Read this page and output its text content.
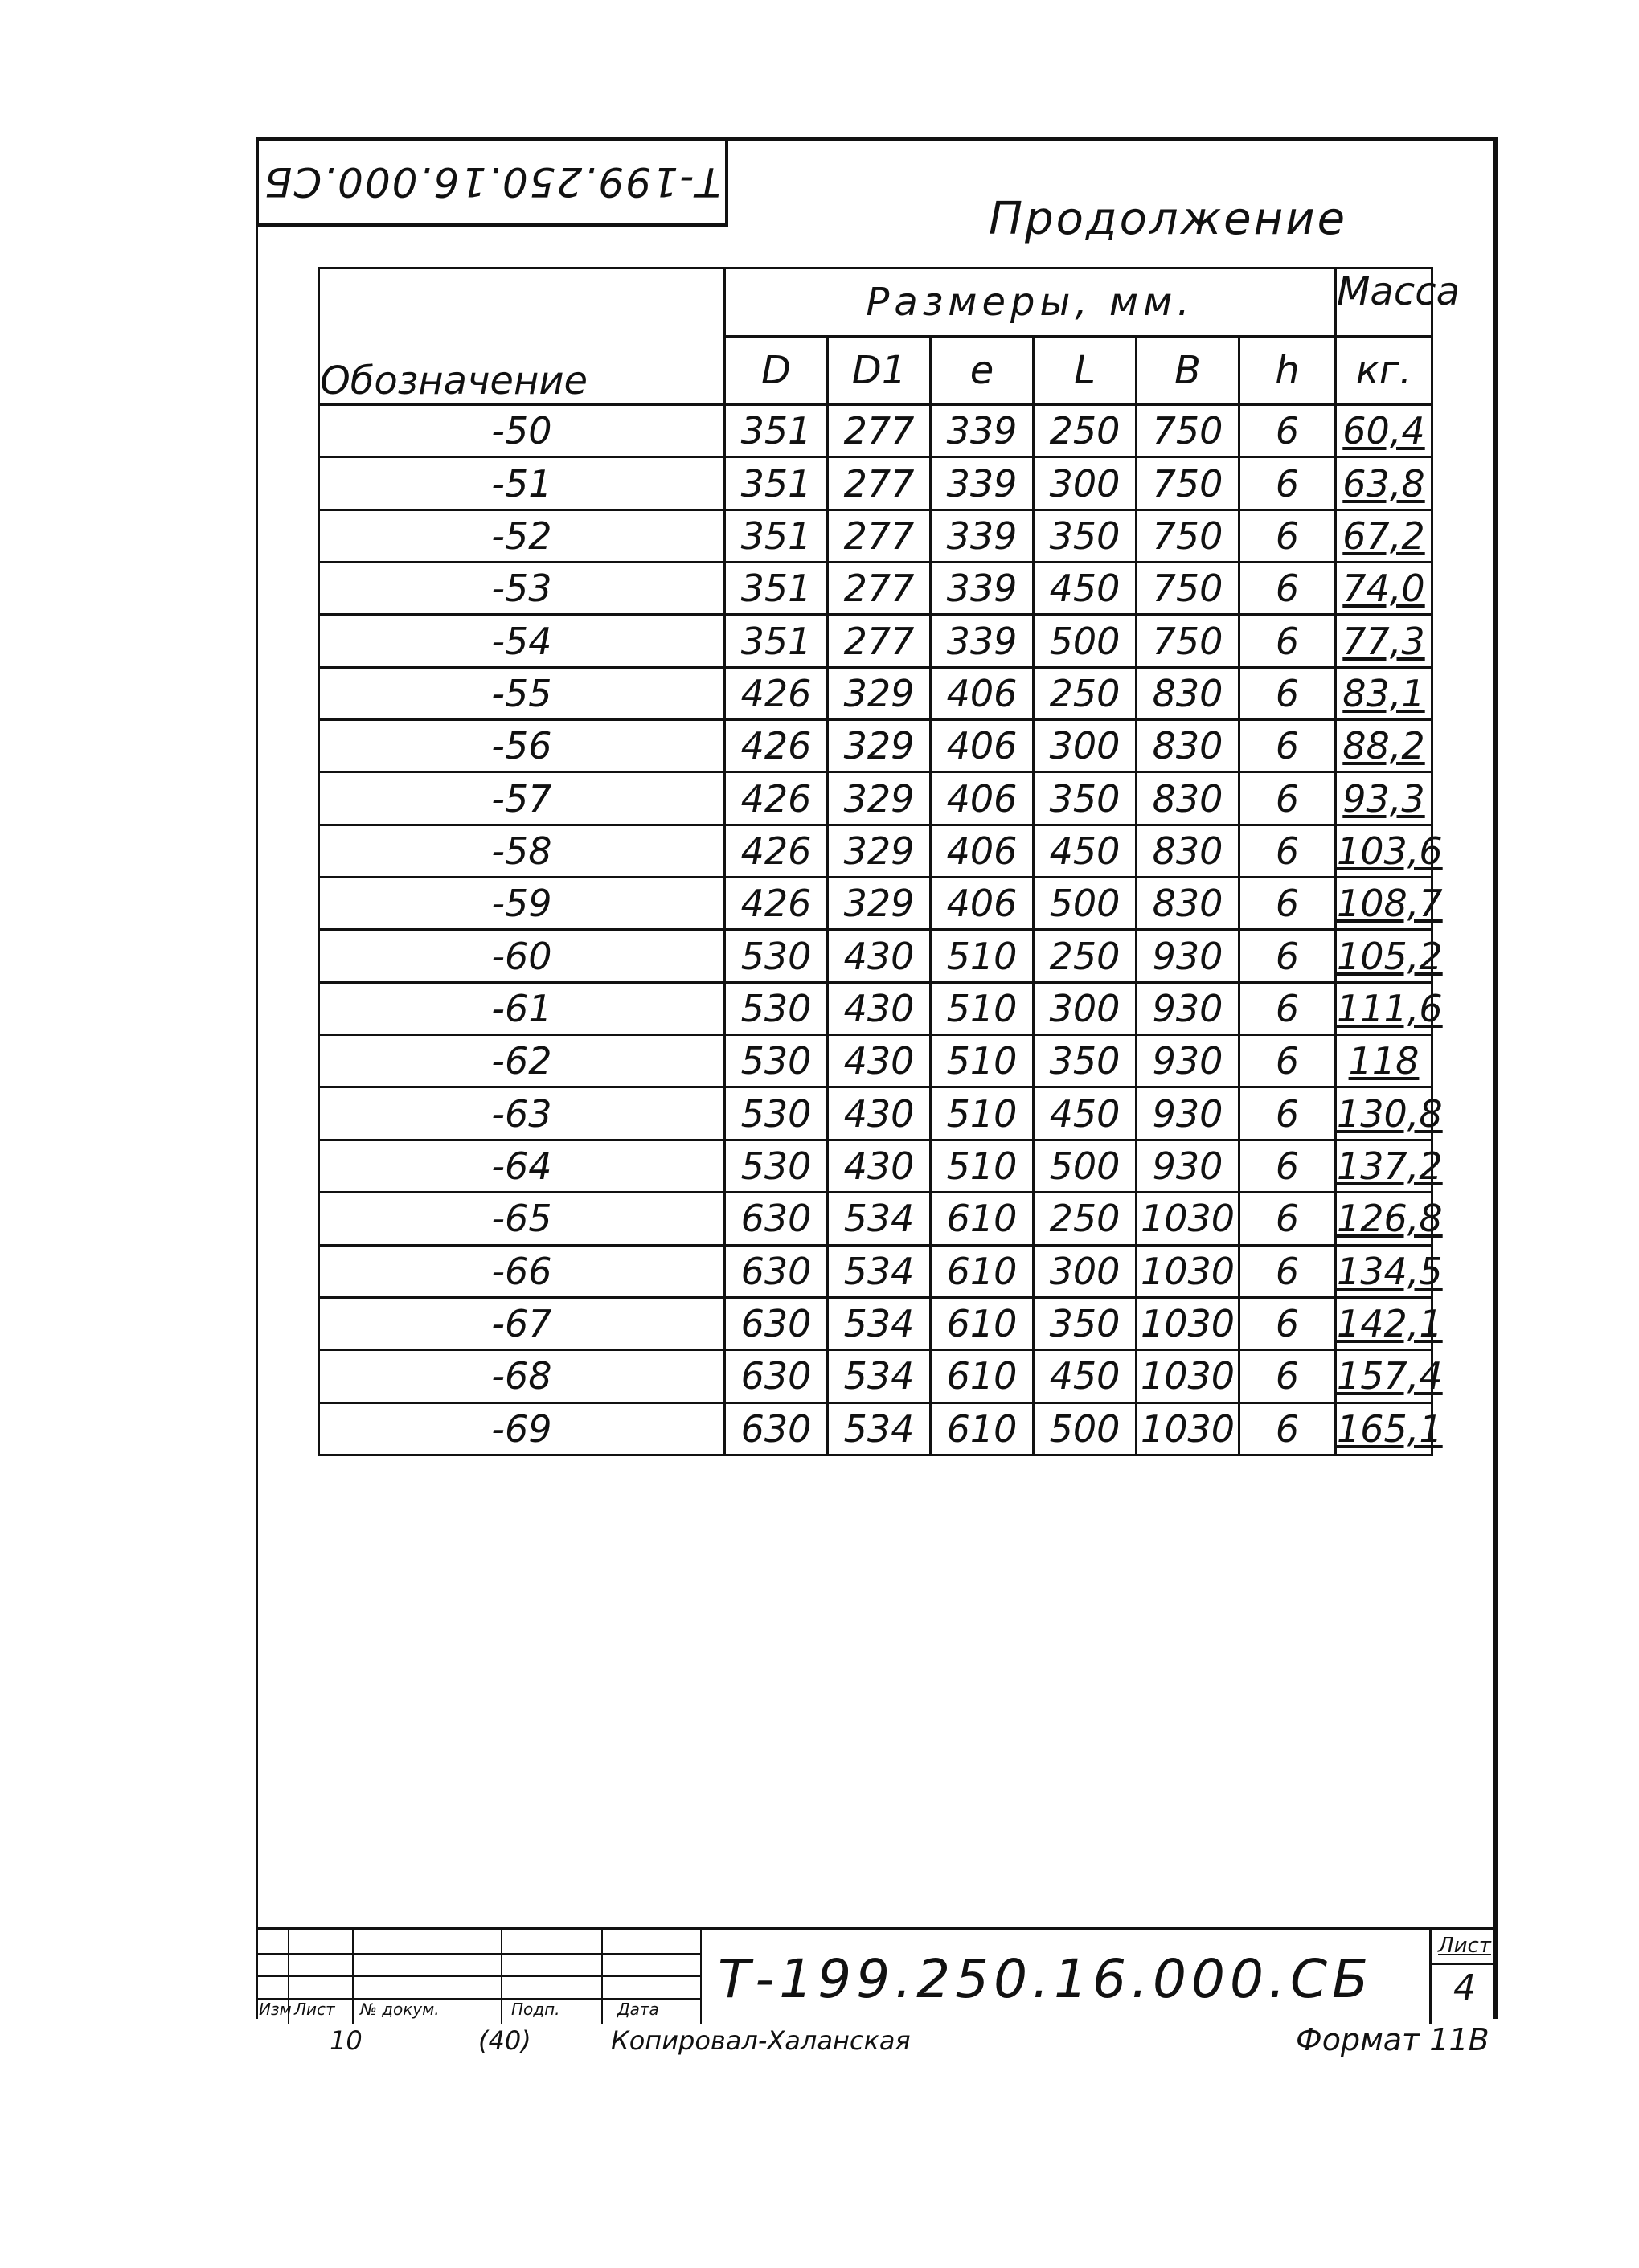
Т-199.250.16.000.СБ
Продолжение
Обозначение	Размеры, мм.						Масса
	D	D1	e	L	B	h	кг.
-50	351	277	339	250	750	6	60,4
-51	351	277	339	300	750	6	63,8
-52	351	277	339	350	750	6	67,2
-53	351	277	339	450	750	6	74,0
-54	351	277	339	500	750	6	77,3
-55	426	329	406	250	830	6	83,1
-56	426	329	406	300	830	6	88,2
-57	426	329	406	350	830	6	93,3
-58	426	329	406	450	830	6	103,6
-59	426	329	406	500	830	6	108,7
-60	530	430	510	250	930	6	105,2
-61	530	430	510	300	930	6	111,6
-62	530	430	510	350	930	6	118
-63	530	430	510	450	930	6	130,8
-64	530	430	510	500	930	6	137,2
-65	630	534	610	250	1030	6	126,8
-66	630	534	610	300	1030	6	134,5
-67	630	534	610	350	1030	6	142,1
-68	630	534	610	450	1030	6	157,4
-69	630	534	610	500	1030	6	165,1
Изм Лист № докум.	Подп.	Дата Т-199.250.16.000.СБ
Лист
4
10	(40)	Копировал-Халанская	Формат 11В
